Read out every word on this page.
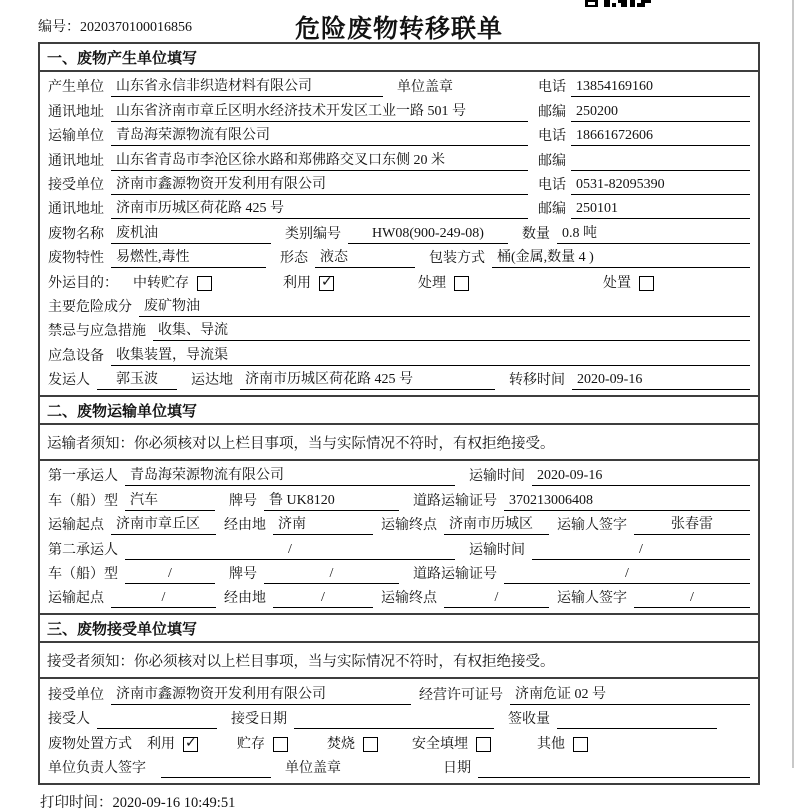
编号：2020370100016856	危险废物转移联单
一、废物产生单位填写
产生单位 山东省永信非织造材料有限公司	单位盖章	电话 13854169160
通讯地址 山东省济南市章丘区明水经济技术开发区工业一路 501 号	邮编 250200
运输单位 青岛海荣源物流有限公司	电话 18661672606
通讯地址 山东省青岛市李沧区徐水路和郑佛路交叉口东侧 20 米	邮编
接受单位 济南市鑫源物资开发利用有限公司	电话 0531-82095390
通讯地址 济南市历城区荷花路 425 号	邮编 250101
废物名称 废机油	类别编号	HW08(900-249-08)	数量 0.8 吨
废物特性 易燃性,毒性	形态 液态	包装方式 桶(金属,数量 4 )
外运目的： 中转贮存	利用 ✓	处理	处置
主要危险成分 废矿物油
禁忌与应急措施 收集、导流
应急设备 收集装置，导流渠
发运人	郭玉波	运达地 济南市历城区荷花路 425 号	转移时间 2020-09-16
二、废物运输单位填写
运输者须知：你必须核对以上栏目事项，当与实际情况不符时，有权拒绝接受。
第一承运人 青岛海荣源物流有限公司	运输时间 2020-09-16
车（船）型 汽车	牌号 鲁 UK8120	道路运输证号 370213006408
运输起点 济南市章丘区	经由地 济南	运输终点 济南市历城区	运输人签字	张春雷
第二承运人	/	运输时间	/
车（船）型	/	牌号	/	道路运输证号	/
运输起点	/	经由地	/	运输终点	/	运输人签字	/
三、废物接受单位填写
接受者须知：你必须核对以上栏目事项，当与实际情况不符时，有权拒绝接受。
接受单位 济南市鑫源物资开发利用有限公司	经营许可证号 济南危证 02 号
接受人	接受日期	签收量
废物处置方式 利用 ✓	贮存	焚烧	安全填埋	其他
单位负责人签字	单位盖章	日期
打印时间：2020-09-16 10:49:51
